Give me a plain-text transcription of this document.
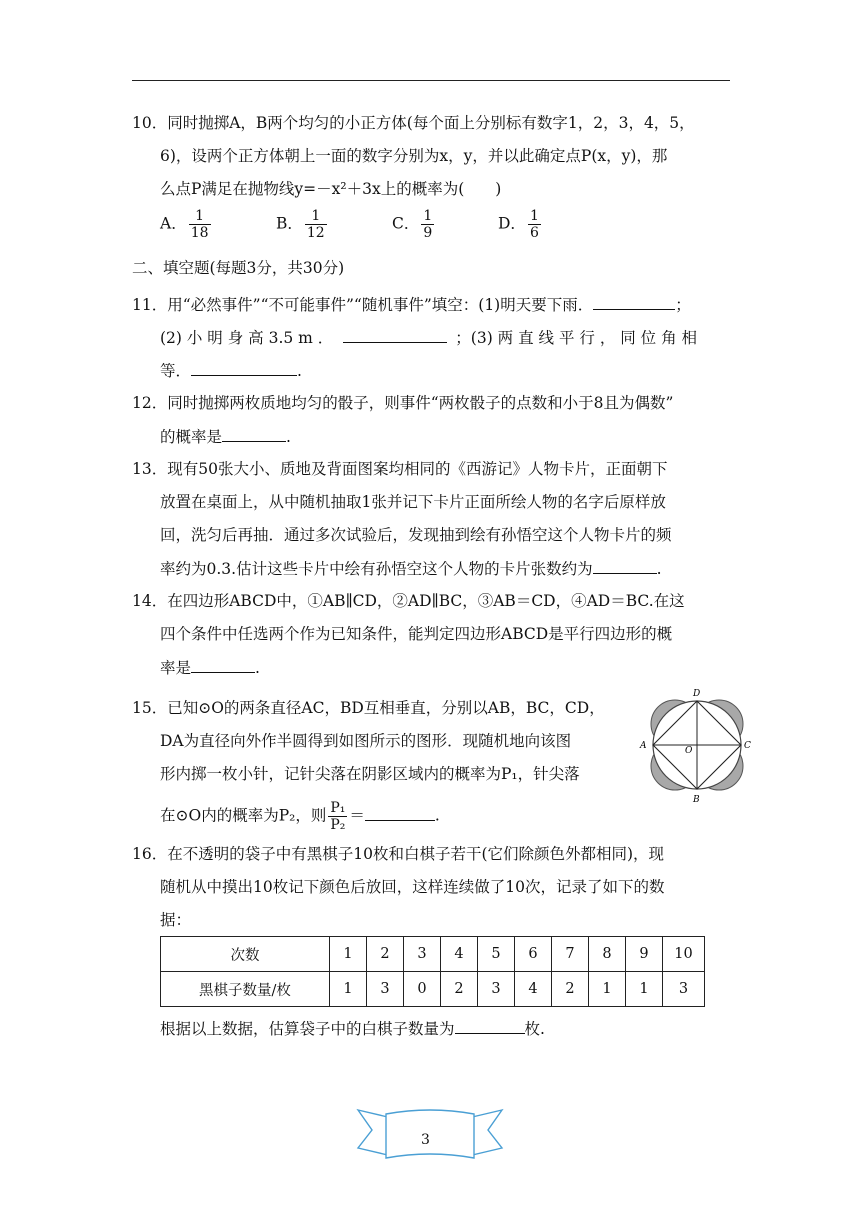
10．同时抛掷A，B两个均匀的小正方体(每个面上分别标有数字1，2，3，4，5，
6)，设两个正方体朝上一面的数字分别为x，y，并以此确定点P(x，y)，那
么点P满足在抛物线y=－x²＋3x上的概率为(　　)
A． $\frac{1}{18}$	B． $\frac{1}{12}$	C． $\frac{1}{9}$	D． $\frac{1}{6}$
二、填空题(每题3分，共30分)
11．用“必然事件”“不可能事件”“随机事件”填空：(1)明天要下雨．	；
(2) 小 明 身 高 3.5 m ．	；(3) 两 直 线 平 行 ， 同 位 角 相
等．	.
12．同时抛掷两枚质地均匀的骰子，则事件“两枚骰子的点数和小于8且为偶数”
的概率是	.
13．现有50张大小、质地及背面图案均相同的《西游记》人物卡片，正面朝下
放置在桌面上，从中随机抽取1张并记下卡片正面所绘人物的名字后原样放
回，洗匀后再抽．通过多次试验后，发现抽到绘有孙悟空这个人物卡片的频
率约为0.3.估计这些卡片中绘有孙悟空这个人物的卡片张数约为	.
14．在四边形ABCD中，①AB∥CD，②AD∥BC，③AB＝CD，④AD＝BC.在这
四个条件中任选两个作为已知条件，能判定四边形ABCD是平行四边形的概
率是	.
15．已知⊙O的两条直径AC，BD互相垂直，分别以AB，BC，CD，
DA为直径向外作半圆得到如图所示的图形．现随机地向该图
形内掷一枚小针，记针尖落在阴影区域内的概率为P₁，针尖落
在⊙O内的概率为P₂，则 $\frac{\text{P₁}}{\text{P₂}}$ ＝	.
D
A	C
B
O
16．在不透明的袋子中有黑棋子10枚和白棋子若干(它们除颜色外都相同)，现
随机从中摸出10枚记下颜色后放回，这样连续做了10次，记录了如下的数
据：
次数	1	2	3	4	5	6	7	8	9	10
黑棋子数量/枚	1	3	0	2	3	4	2	1	1	3
根据以上数据，估算袋子中的白棋子数量为	枚.
3
